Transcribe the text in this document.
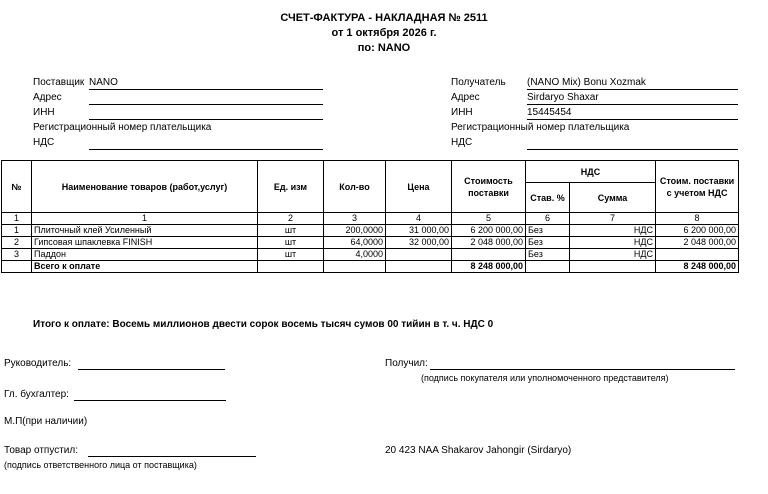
СЧЕТ-ФАКТУРА - НАКЛАДНАЯ № 2511
от 1 октября 2026 г.
по: NANO
Поставщик NANO
Адрес
ИНН
Регистрационный номер плательщика
НДС
Получатель (NANO Mix) Bonu Xozmak
Адрес	Sirdaryo Shaxar
ИНН	15445454
Регистрационный номер плательщика
НДС
№	Наименование товаров (работ,услуг)	Ед. изм	Кол-во	Цена	Стоимость поставки	НДС		Стоим. поставки с учетом НДС
						Став. %	Сумма	
1	1	2	3	4	5	6	7	8
1	Плиточный клей Усиленный	шт	200,0000	31 000,00	6 200 000,00	Без	НДС	6 200 000,00
2	Гипсовая шпаклевка FINISH	шт	64,0000	32 000,00	2 048 000,00	Без	НДС	2 048 000,00
3	Паддон	шт	4,0000			Без	НДС	
	Всего к оплате				8 248 000,00			8 248 000,00
Итого к оплате: Восемь миллионов двести сорок восемь тысяч сумов 00 тийин в т. ч. НДС 0
Руководитель:	Получил:
(подпись покупателя или уполномоченного представителя)
Гл. бухгалтер:
М.П(при наличии)
Товар отпустил:
(подпись ответственного лица от поставщика)
20 423 NAA Shakarov Jahongir (Sirdaryo)
